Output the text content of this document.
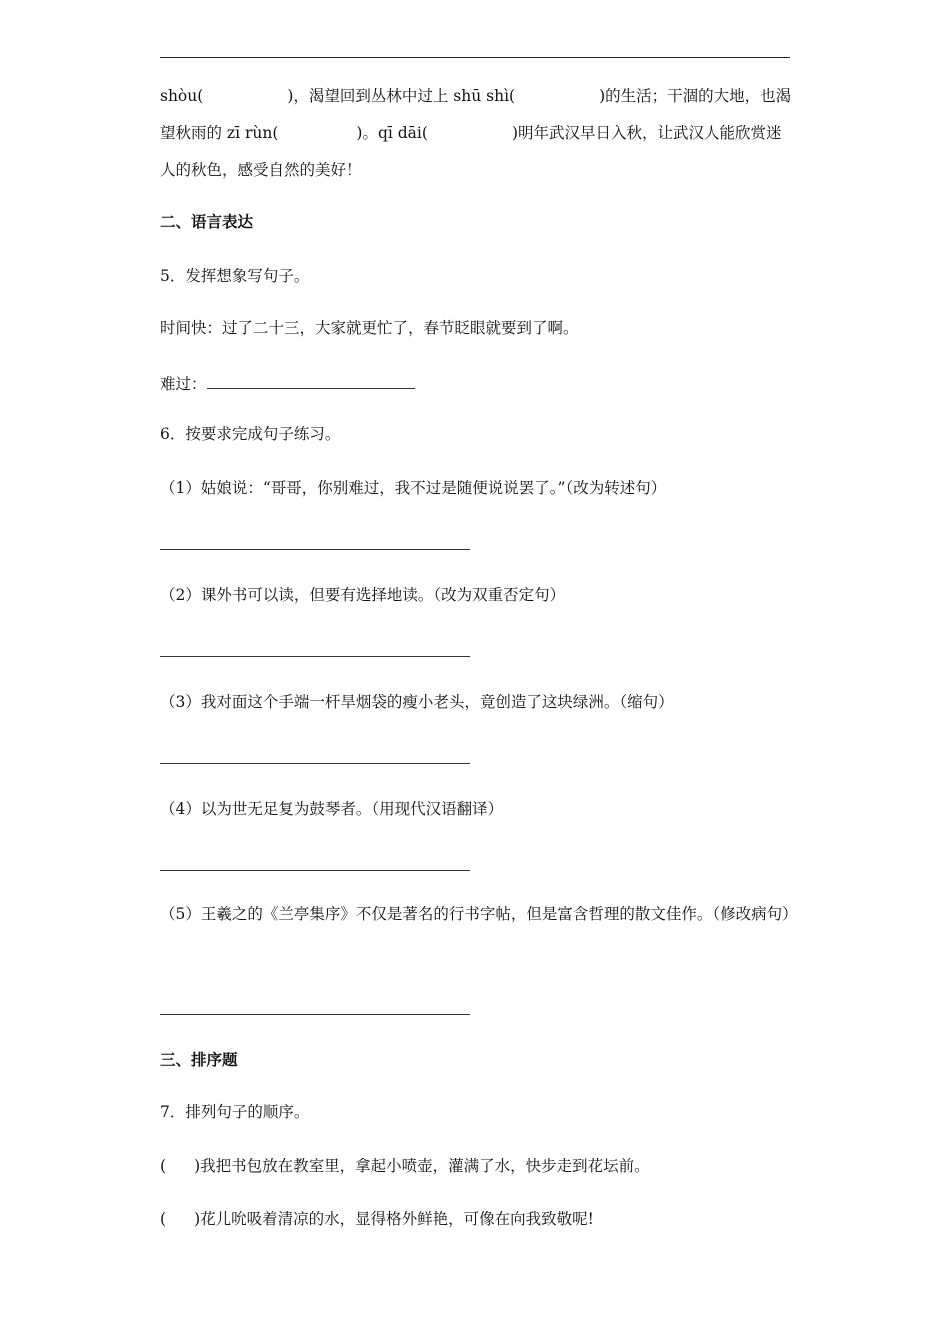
shòu(	)，渴望回到丛林中过上 shū shì(	)的生活；干涸的大地，也渴望秋雨的 zī rùn(	)。qī dāi(	)明年武汉早日入秋，让武汉人能欣赏迷人的秋色，感受自然的美好！

二、语言表达

5．发挥想象写句子。

时间快：过了二十三，大家就更忙了，春节眨眼就要到了啊。

难过：

6．按要求完成句子练习。

（1）姑娘说：“哥哥，你别难过，我不过是随便说说罢了。”（改为转述句）

（2）课外书可以读，但要有选择地读。（改为双重否定句）

（3）我对面这个手端一杆旱烟袋的瘦小老头，竟创造了这块绿洲。（缩句）

（4）以为世无足复为鼓琴者。（用现代汉语翻译）

（5）王羲之的《兰亭集序》不仅是著名的行书字帖，但是富含哲理的散文佳作。（修改病句）

三、排序题

7．排列句子的顺序。

( )我把书包放在教室里，拿起小喷壶，灌满了水，快步走到花坛前。

( )花儿吮吸着清凉的水，显得格外鲜艳，可像在向我致敬呢!
